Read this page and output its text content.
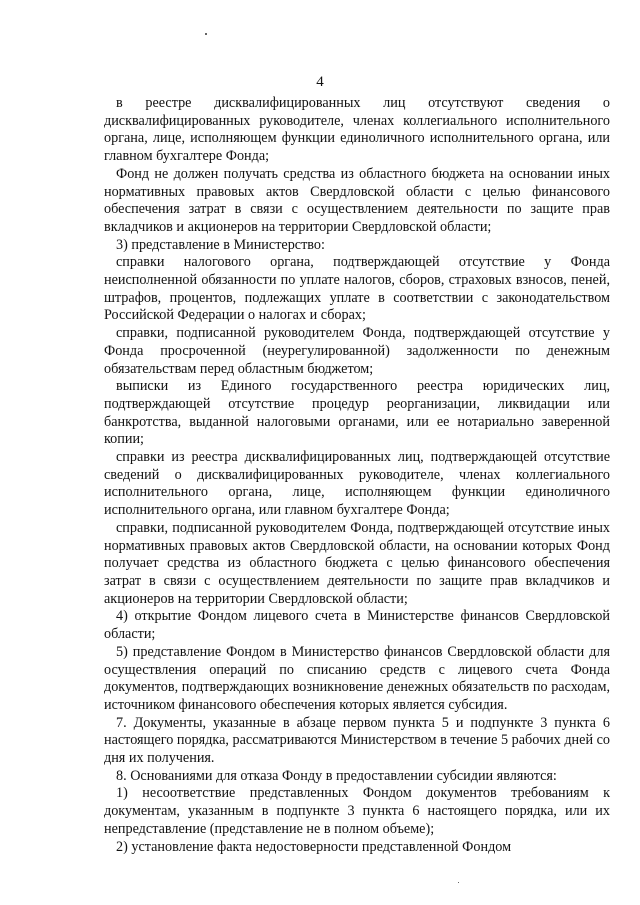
4

в реестре дисквалифицированных лиц отсутствуют сведения о дисквалифицированных руководителе, членах коллегиального исполнительного органа, лице, исполняющем функции единоличного исполнительного органа, или главном бухгалтере Фонда;

Фонд не должен получать средства из областного бюджета на основании иных нормативных правовых актов Свердловской области с целью финансового обеспечения затрат в связи с осуществлением деятельности по защите прав вкладчиков и акционеров на территории Свердловской области;

3) представление в Министерство:

справки налогового органа, подтверждающей отсутствие у Фонда неисполненной обязанности по уплате налогов, сборов, страховых взносов, пеней, штрафов, процентов, подлежащих уплате в соответствии с законодательством Российской Федерации о налогах и сборах;

справки, подписанной руководителем Фонда, подтверждающей отсутствие у Фонда просроченной (неурегулированной) задолженности по денежным обязательствам перед областным бюджетом;

выписки из Единого государственного реестра юридических лиц, подтверждающей отсутствие процедур реорганизации, ликвидации или банкротства, выданной налоговыми органами, или ее нотариально заверенной копии;

справки из реестра дисквалифицированных лиц, подтверждающей отсутствие сведений о дисквалифицированных руководителе, членах коллегиального исполнительного органа, лице, исполняющем функции единоличного исполнительного органа, или главном бухгалтере Фонда;

справки, подписанной руководителем Фонда, подтверждающей отсутствие иных нормативных правовых актов Свердловской области, на основании которых Фонд получает средства из областного бюджета с целью финансового обеспечения затрат в связи с осуществлением деятельности по защите прав вкладчиков и акционеров на территории Свердловской области;

4) открытие Фондом лицевого счета в Министерстве финансов Свердловской области;

5) представление Фондом в Министерство финансов Свердловской области для осуществления операций по списанию средств с лицевого счета Фонда документов, подтверждающих возникновение денежных обязательств по расходам, источником финансового обеспечения которых является субсидия.

7. Документы, указанные в абзаце первом пункта 5 и подпункте 3 пункта 6 настоящего порядка, рассматриваются Министерством в течение 5 рабочих дней со дня их получения.

8. Основаниями для отказа Фонду в предоставлении субсидии являются:

1) несоответствие представленных Фондом документов требованиям к документам, указанным в подпункте 3 пункта 6 настоящего порядка, или их непредставление (представление не в полном объеме);

2) установление факта недостоверности представленной Фондом
